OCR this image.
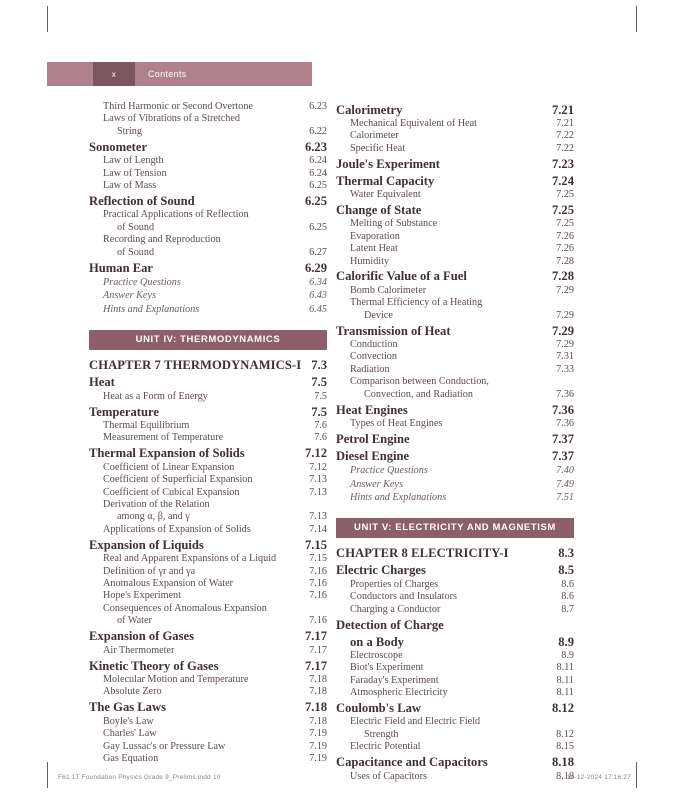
x	Contents
Third Harmonic or Second Overtone	6.23
Laws of Vibrations of a Stretched
String	6.22
Sonometer	6.23
Law of Length	6.24
Law of Tension	6.24
Law of Mass	6.25
Reflection of Sound	6.25
Practical Applications of Reflection
of Sound	6.25
Recording and Reproduction
of Sound	6.27
Human Ear	6.29
Practice Questions	6.34
Answer Keys	6.43
Hints and Explanations	6.45
UNIT IV: THERMODYNAMICS
CHAPTER 7 THERMODYNAMICS-I 7.3
Heat	7.5
Heat as a Form of Energy	7.5
Temperature	7.5
Thermal Equilibrium	7.6
Measurement of Temperature	7.6
Thermal Expansion of Solids	7.12
Coefficient of Linear Expansion	7.12
Coefficient of Superficial Expansion	7.13
Coefficient of Cubical Expansion	7.13
Derivation of the Relation
among α, β, and γ	7.13
Applications of Expansion of Solids	7.14
Expansion of Liquids	7.15
Real and Apparent Expansions of a Liquid	7.15
Definition of γr and γa	7.16
Anomalous Expansion of Water	7.16
Hope's Experiment	7.16
Consequences of Anomalous Expansion
of Water	7.16
Expansion of Gases	7.17
Air Thermometer	7.17
Kinetic Theory of Gases	7.17
Molecular Motion and Temperature	7.18
Absolute Zero	7.18
The Gas Laws	7.18
Boyle's Law	7.18
Charles' Law	7.19
Gay Lussac's or Pressure Law	7.19
Gas Equation	7.19
Calorimetry	7.21
Mechanical Equivalent of Heat	7.21
Calorimeter	7.22
Specific Heat	7.22
Joule's Experiment	7.23
Thermal Capacity	7.24
Water Equivalent	7.25
Change of State	7.25
Melting of Substance	7.25
Evaporation	7.26
Latent Heat	7.26
Humidity	7.28
Calorific Value of a Fuel	7.28
Bomb Calorimeter	7.29
Thermal Efficiency of a Heating
Device	7.29
Transmission of Heat	7.29
Conduction	7.29
Convection	7.31
Radiation	7.33
Comparison between Conduction,
Convection, and Radiation	7.36
Heat Engines	7.36
Types of Heat Engines	7.36
Petrol Engine	7.37
Diesel Engine	7.37
Practice Questions	7.40
Answer Keys	7.49
Hints and Explanations	7.51
UNIT V: ELECTRICITY AND MAGNETISM
CHAPTER 8 ELECTRICITY-I	8.3
Electric Charges	8.5
Properties of Charges	8.6
Conductors and Insulators	8.6
Charging a Conductor	8.7
Detection of Charge
on a Body	8.9
Electroscope	8.9
Biot's Experiment	8.11
Faraday's Experiment	8.11
Atmospheric Electricity	8.11
Coulomb's Law	8.12
Electric Field and Electric Field
Strength	8.12
Electric Potential	8.15
Capacitance and Capacitors	8.18
Uses of Capacitors	8.18
F61 1T Foundation Physics Grade 9_Prelims.indd 10	10-12-2024 17:16:27
